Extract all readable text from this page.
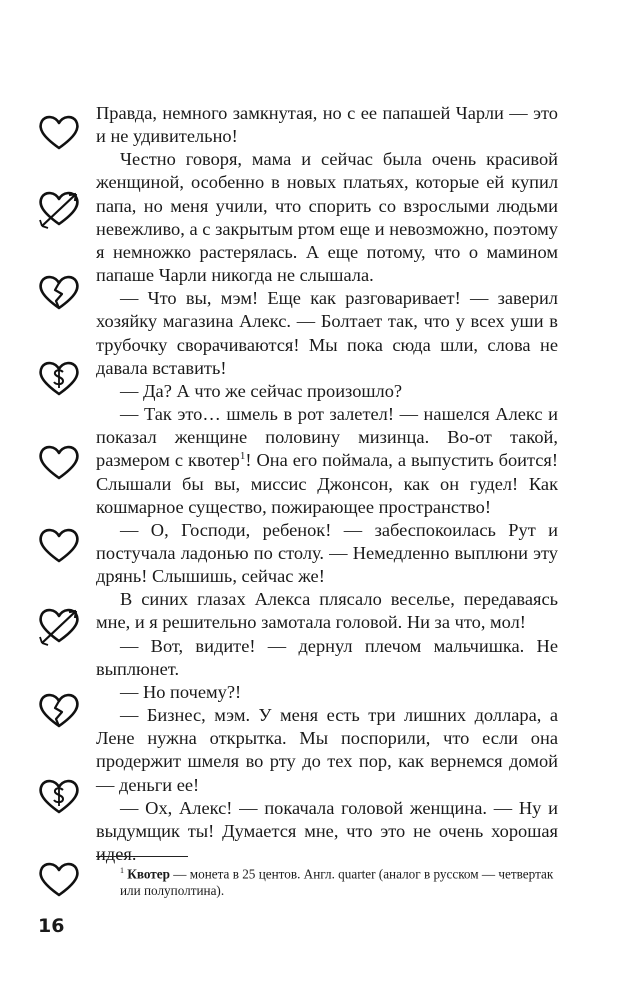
Правда, немного замкнутая, но с ее папашей Чарли — это и не удивительно!

Честно говоря, мама и сейчас была очень красивой женщиной, особенно в новых платьях, которые ей купил папа, но меня учили, что спорить со взрослыми людьми невежливо, а с закрытым ртом еще и невозможно, поэтому я немножко растерялась. А еще потому, что о мамином папаше Чарли никогда не слышала.

— Что вы, мэм! Еще как разговаривает! — заверил хозяйку магазина Алекс. — Болтает так, что у всех уши в трубочку сворачиваются! Мы пока сюда шли, слова не давала вставить!

— Да? А что же сейчас произошло?

— Так это… шмель в рот залетел! — нашелся Алекс и показал женщине половину мизинца. Во-от такой, размером с квотер$^1$! Она его поймала, а выпустить боится! Слышали бы вы, миссис Джонсон, как он гудел! Как кошмарное существо, пожирающее пространство!

— О, Господи, ребенок! — забеспокоилась Рут и постучала ладонью по столу. — Немедленно выплюни эту дрянь! Слышишь, сейчас же!

В синих глазах Алекса плясало веселье, передаваясь мне, и я решительно замотала головой. Ни за что, мол!

— Вот, видите! — дернул плечом мальчишка. Не выплюнет.

— Но почему?!

— Бизнес, мэм. У меня есть три лишних доллара, а Лене нужна открытка. Мы поспорили, что если она продержит шмеля во рту до тех пор, как вернемся домой — деньги ее!

— Ох, Алекс! — покачала головой женщина. — Ну и выдумщик ты! Думается мне, что это не очень хорошая идея.

$^1$ Квотер — монета в 25 центов. Англ. quarter (аналог в русском — четвертак или полуполтина).
16
